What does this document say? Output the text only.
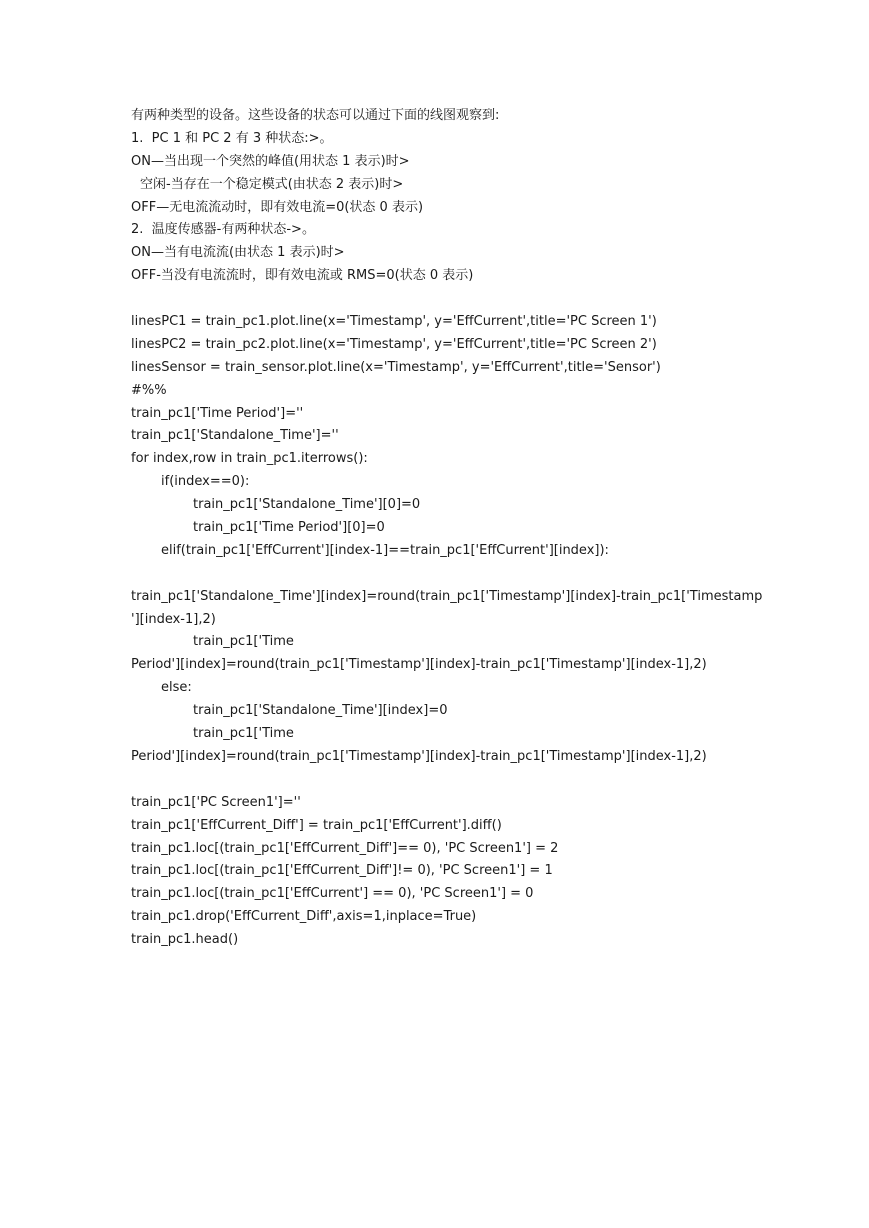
有两种类型的设备。这些设备的状态可以通过下面的线图观察到:
1.  PC 1 和 PC 2 有 3 种状态:>。
ON—当出现一个突然的峰值(用状态 1 表示)时>
空闲-当存在一个稳定模式(由状态 2 表示)时>
OFF—无电流流动时，即有效电流=0(状态 0 表示)
2.  温度传感器-有两种状态->。
ON—当有电流流(由状态 1 表示)时>
OFF-当没有电流流时，即有效电流或 RMS=0(状态 0 表示)
linesPC1 = train_pc1.plot.line(x='Timestamp', y='EffCurrent',title='PC Screen 1')
linesPC2 = train_pc2.plot.line(x='Timestamp', y='EffCurrent',title='PC Screen 2')
linesSensor = train_sensor.plot.line(x='Timestamp', y='EffCurrent',title='Sensor')
#%%
train_pc1['Time Period']=''
train_pc1['Standalone_Time']=''
for index,row in train_pc1.iterrows():
if(index==0):
train_pc1['Standalone_Time'][0]=0
train_pc1['Time Period'][0]=0
elif(train_pc1['EffCurrent'][index-1]==train_pc1['EffCurrent'][index]):
train_pc1['Standalone_Time'][index]=round(train_pc1['Timestamp'][index]-train_pc1['Timestamp
'][index-1],2)
train_pc1['Time
Period'][index]=round(train_pc1['Timestamp'][index]-train_pc1['Timestamp'][index-1],2)
else:
train_pc1['Standalone_Time'][index]=0
train_pc1['Time
Period'][index]=round(train_pc1['Timestamp'][index]-train_pc1['Timestamp'][index-1],2)
train_pc1['PC Screen1']=''
train_pc1['EffCurrent_Diff'] = train_pc1['EffCurrent'].diff()
train_pc1.loc[(train_pc1['EffCurrent_Diff']== 0), 'PC Screen1'] = 2
train_pc1.loc[(train_pc1['EffCurrent_Diff']!= 0), 'PC Screen1'] = 1
train_pc1.loc[(train_pc1['EffCurrent'] == 0), 'PC Screen1'] = 0
train_pc1.drop('EffCurrent_Diff',axis=1,inplace=True)
train_pc1.head()
